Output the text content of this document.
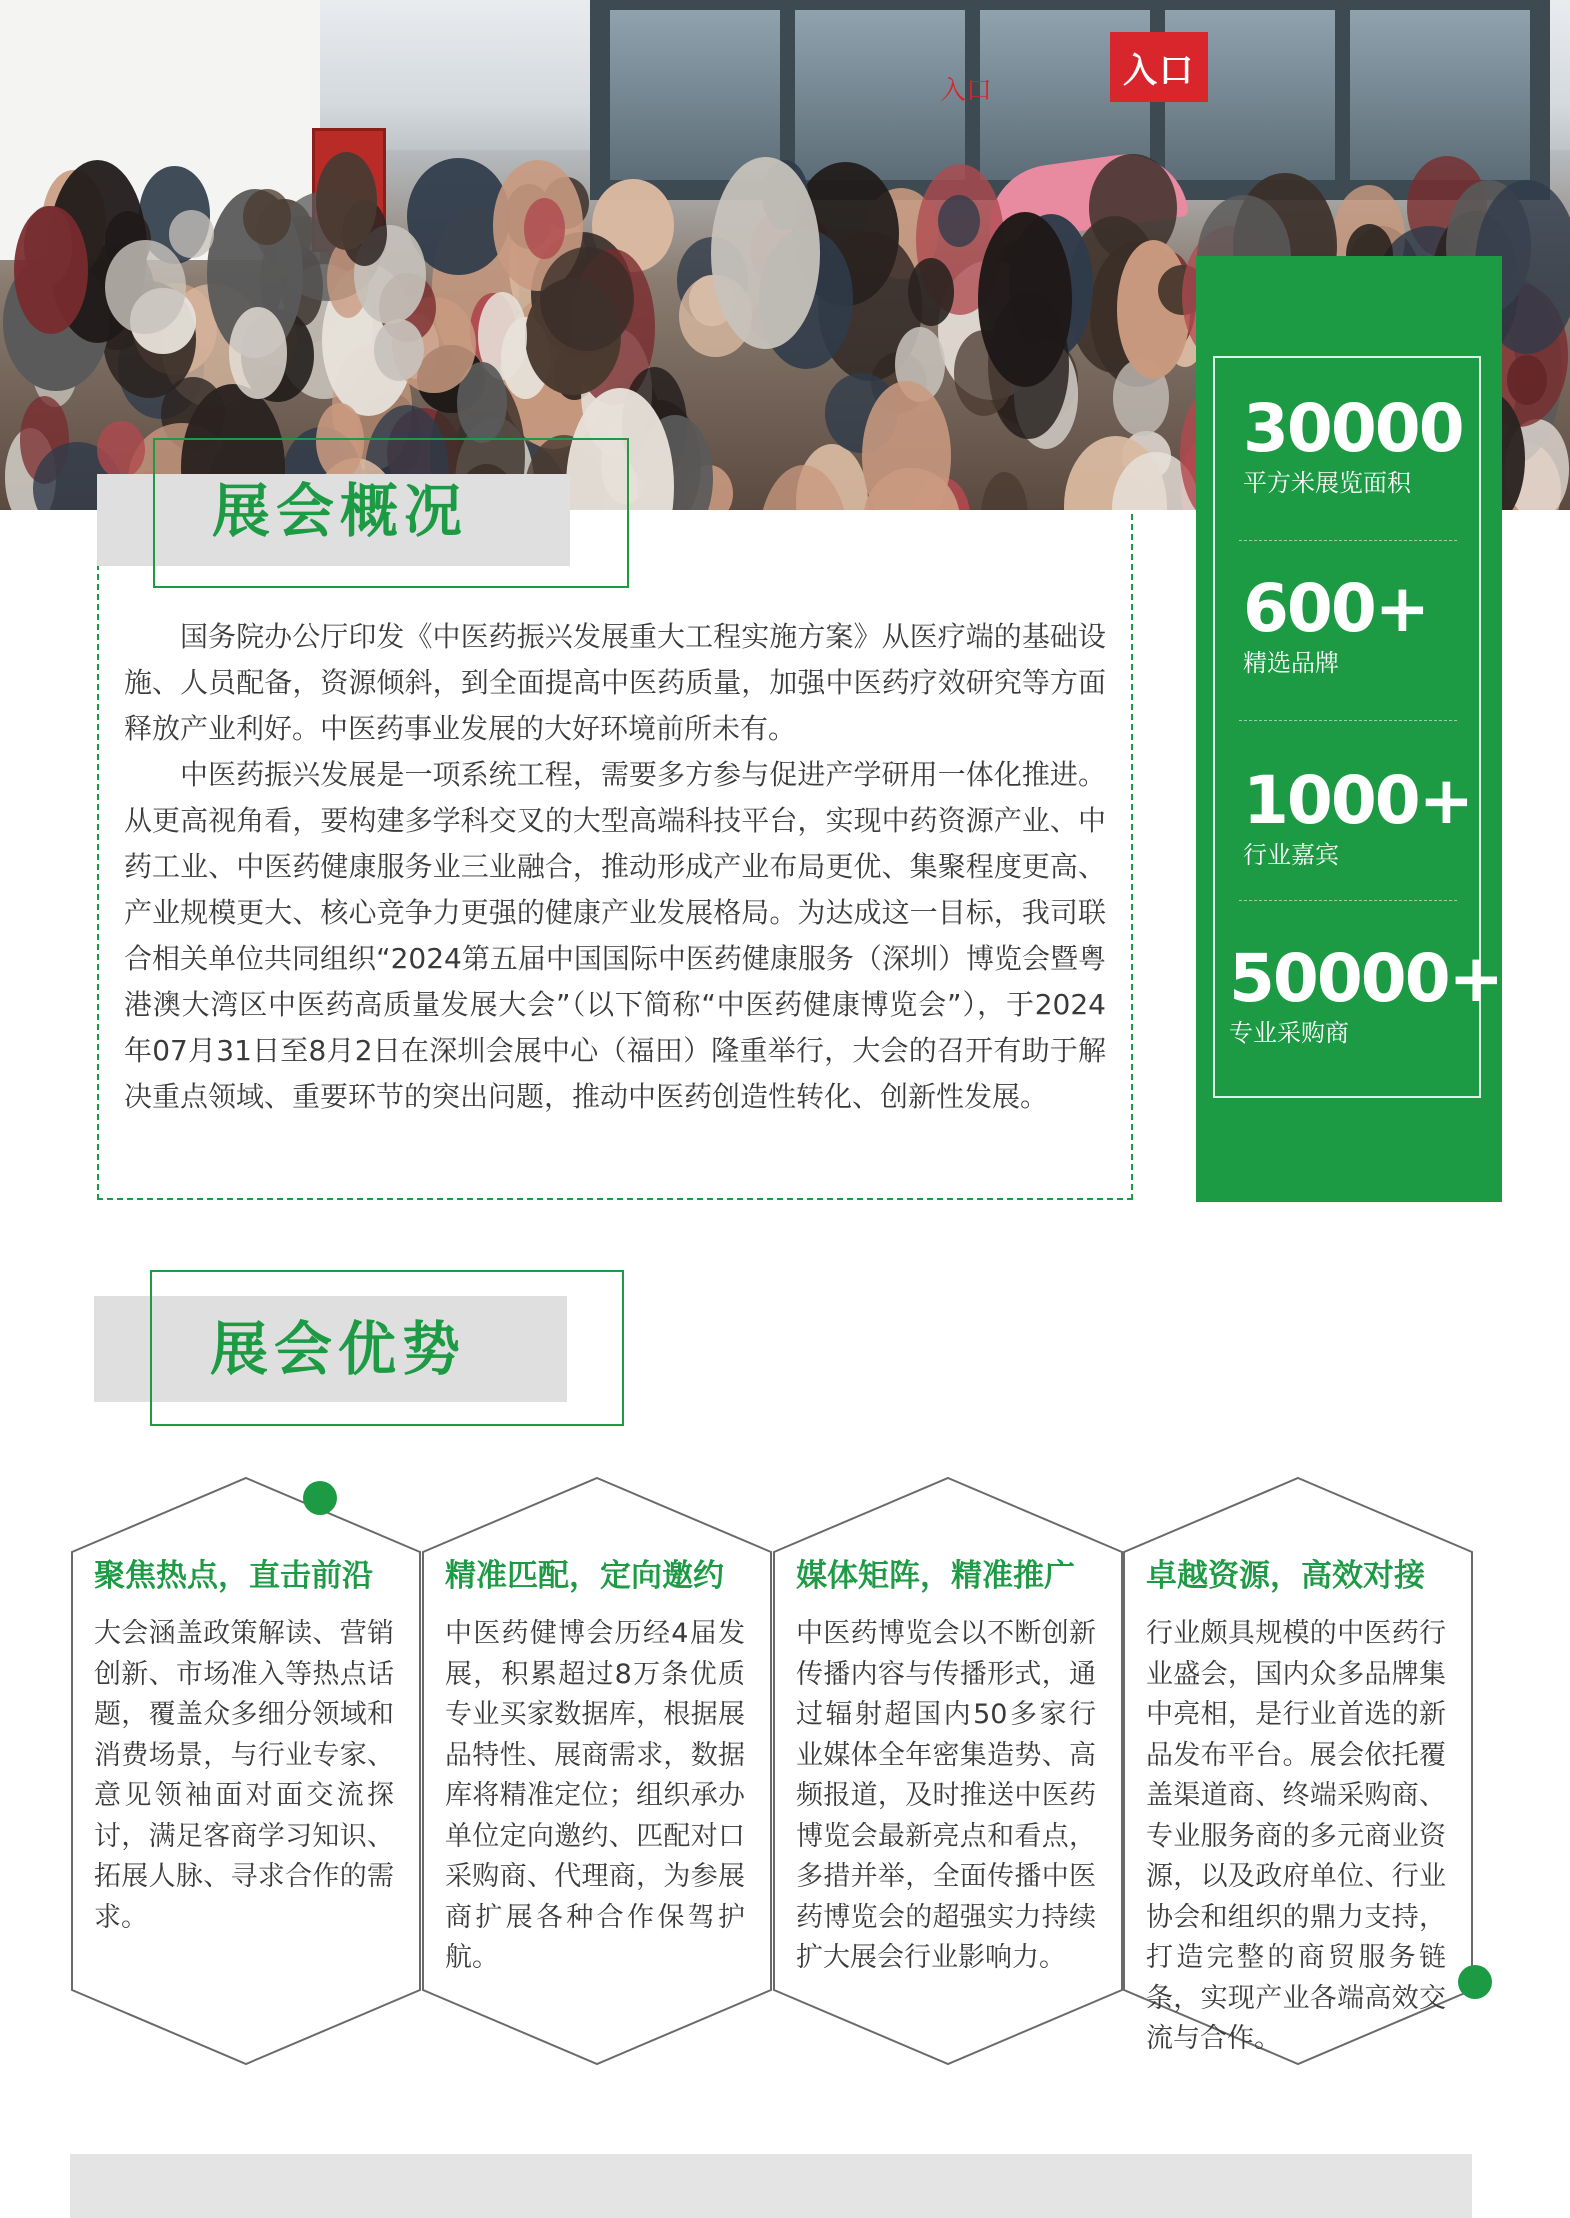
入口
入口
30000
平方米展览面积
600+
精选品牌
1000+
行业嘉宾
50000+
专业采购商
展会概况

国务院办公厅印发《中医药振兴发展重大工程实施方案》从医疗端的基础设施、人员配备，资源倾斜，到全面提高中医药质量，加强中医药疗效研究等方面释放产业利好。中医药事业发展的大好环境前所未有。

中医药振兴发展是一项系统工程，需要多方参与促进产学研用一体化推进。从更高视角看，要构建多学科交叉的大型高端科技平台，实现中药资源产业、中药工业、中医药健康服务业三业融合，推动形成产业布局更优、集聚程度更高、产业规模更大、核心竞争力更强的健康产业发展格局。为达成这一目标，我司联合相关单位共同组织“2024第五届中国国际中医药健康服务（深圳）博览会暨粤港澳大湾区中医药高质量发展大会”（以下简称“中医药健康博览会”），于2024年07月31日至8月2日在深圳会展中心（福田）隆重举行，大会的召开有助于解决重点领域、重要环节的突出问题，推动中医药创造性转化、创新性发展。

展会优势
聚焦热点，直击前沿
大会涵盖政策解读、营销创新、市场准入等热点话题，覆盖众多细分领域和消费场景，与行业专家、意见领袖面对面交流探讨，满足客商学习知识、拓展人脉、寻求合作的需求。
精准匹配，定向邀约
中医药健博会历经4届发展，积累超过8万条优质专业买家数据库，根据展品特性、展商需求，数据库将精准定位；组织承办单位定向邀约、匹配对口采购商、代理商，为参展商扩展各种合作保驾护航。
媒体矩阵，精准推广
中医药博览会以不断创新传播内容与传播形式，通过辐射超国内50多家行业媒体全年密集造势、高频报道，及时推送中医药博览会最新亮点和看点，多措并举，全面传播中医药博览会的超强实力持续扩大展会行业影响力。
卓越资源，高效对接
行业颇具规模的中医药行业盛会，国内众多品牌集中亮相，是行业首选的新品发布平台。展会依托覆盖渠道商、终端采购商、专业服务商的多元商业资源，以及政府单位、行业协会和组织的鼎力支持，打造完整的商贸服务链条，实现产业各端高效交流与合作。
